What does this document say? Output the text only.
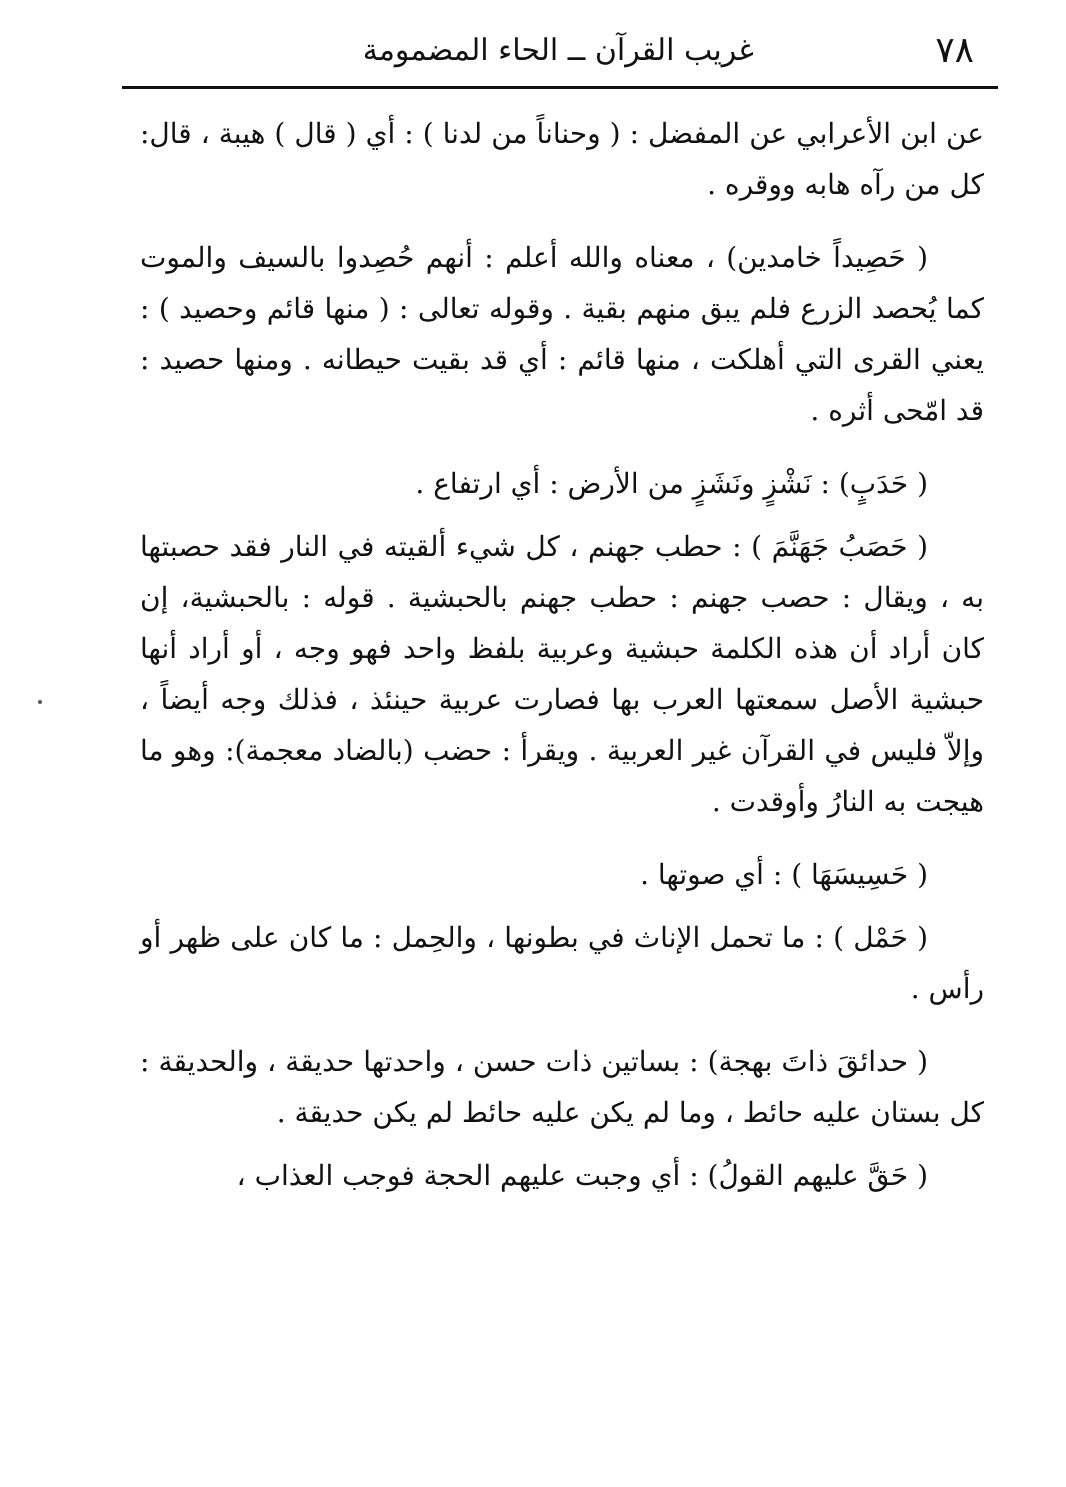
٧٨
غريب القرآن ــ الحاء المضمومة

عن ابن الأعرابي عن المفضل : ( وحناناً من لدنا ) : أي ( قال ) هيبة ، قال: كل من رآه هابه ووقره .

( حَصِيداً خامدين) ، معناه والله أعلم : أنهم حُصِدوا بالسيف والموت كما يُحصد الزرع فلم يبق منهم بقية . وقوله تعالى : ( منها قائم وحصيد ) : يعني القرى التي أهلكت ، منها قائم : أي قد بقيت حيطانه . ومنها حصيد : قد امّحى أثره .

( حَدَبٍ) : نَشْزٍ ونَشَزٍ من الأرض : أي ارتفاع .

( حَصَبُ جَهَنَّمَ ) : حطب جهنم ، كل شيء ألقيته في النار فقد حصبتها به ، ويقال : حصب جهنم : حطب جهنم بالحبشية . قوله : بالحبشية، إن كان أراد أن هذه الكلمة حبشية وعربية بلفظ واحد فهو وجه ، أو أراد أنها حبشية الأصل سمعتها العرب بها فصارت عربية حينئذ ، فذلك وجه أيضاً ، وإلاّ فليس في القرآن غير العربية . ويقرأ : حضب (بالضاد معجمة): وهو ما هيجت به النارُ وأوقدت .

( حَسِيسَهَا ) : أي صوتها .

( حَمْل ) : ما تحمل الإناث في بطونها ، والحِمل : ما كان على ظهر أو رأس .

( حدائقَ ذاتَ بهجة) : بساتين ذات حسن ، واحدتها حديقة ، والحديقة : كل بستان عليه حائط ، وما لم يكن عليه حائط لم يكن حديقة .

( حَقَّ عليهم القولُ) : أي وجبت عليهم الحجة فوجب العذاب ،
